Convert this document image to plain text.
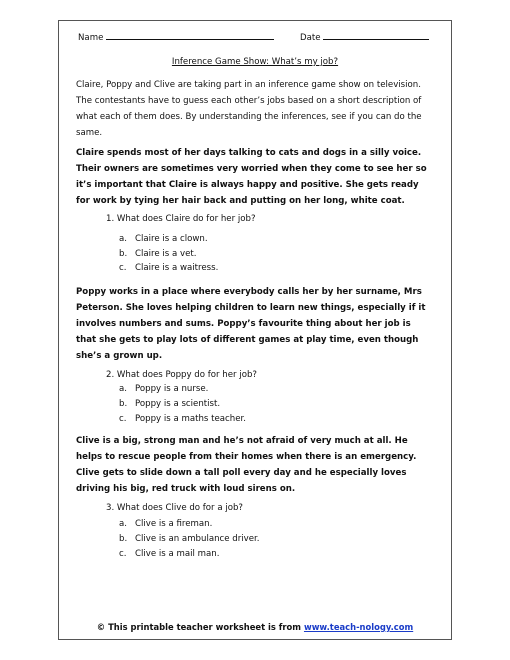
Name	Date
Inference Game Show: What’s my job?

Claire, Poppy and Clive are taking part in an inference game show on television. The contestants have to guess each other’s jobs based on a short description of what each of them does. By understanding the inferences, see if you can do the same.

Claire spends most of her days talking to cats and dogs in a silly voice. Their owners are sometimes very worried when they come to see her so it’s important that Claire is always happy and positive. She gets ready for work by tying her hair back and putting on her long, white coat.

1. What does Claire do for her job?
a. Claire is a clown.
b. Claire is a vet.
c. Claire is a waitress.

Poppy works in a place where everybody calls her by her surname, Mrs Peterson. She loves helping children to learn new things, especially if it involves numbers and sums. Poppy’s favourite thing about her job is that she gets to play lots of different games at play time, even though she’s a grown up.

2. What does Poppy do for her job?
a. Poppy is a nurse.
b. Poppy is a scientist.
c. Poppy is a maths teacher.

Clive is a big, strong man and he’s not afraid of very much at all. He helps to rescue people from their homes when there is an emergency. Clive gets to slide down a tall poll every day and he especially loves driving his big, red truck with loud sirens on.

3. What does Clive do for a job?
a. Clive is a fireman.
b. Clive is an ambulance driver.
c. Clive is a mail man.
© This printable teacher worksheet is from www.teach-nology.com
